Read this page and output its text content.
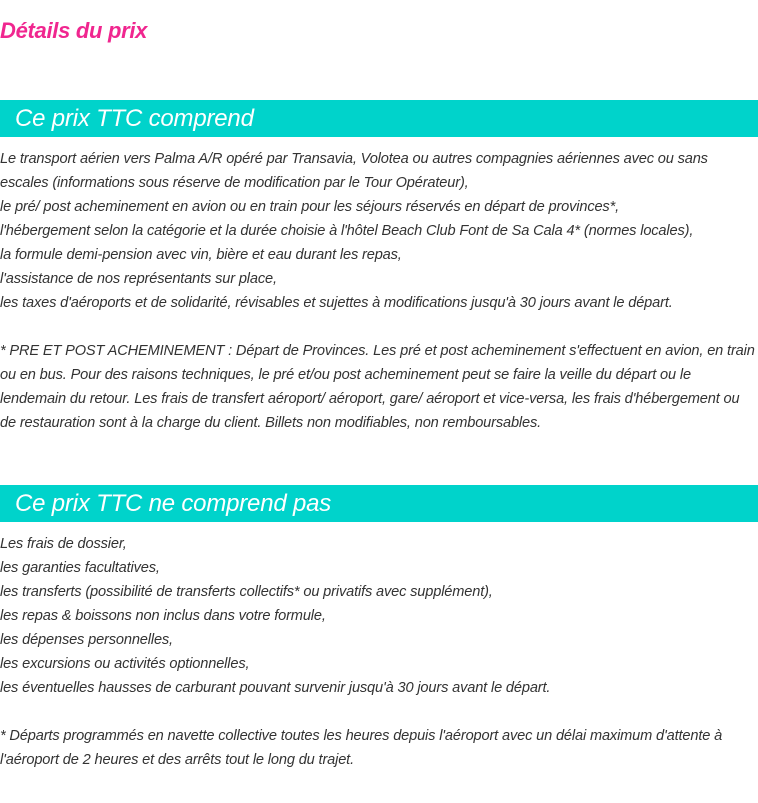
Détails du prix
Ce prix TTC comprend

Le transport aérien vers Palma A/R opéré par Transavia, Volotea ou autres compagnies aériennes avec ou sans escales (informations sous réserve de modification par le Tour Opérateur),

le pré/ post acheminement en avion ou en train pour les séjours réservés en départ de provinces*,

l'hébergement selon la catégorie et la durée choisie à l'hôtel Beach Club Font de Sa Cala 4* (normes locales),

la formule demi-pension avec vin, bière et eau durant les repas,

l'assistance de nos représentants sur place,

les taxes d'aéroports et de solidarité, révisables et sujettes à modifications jusqu'à 30 jours avant le départ.

* PRE ET POST ACHEMINEMENT : Départ de Provinces. Les pré et post acheminement s'effectuent en avion, en train ou en bus. Pour des raisons techniques, le pré et/ou post acheminement peut se faire la veille du départ ou le lendemain du retour. Les frais de transfert aéroport/ aéroport, gare/ aéroport et vice-versa, les frais d'hébergement ou de restauration sont à la charge du client. Billets non modifiables, non remboursables.

Ce prix TTC ne comprend pas

Les frais de dossier,

les garanties facultatives,

les transferts (possibilité de transferts collectifs* ou privatifs avec supplément),

les repas & boissons non inclus dans votre formule,

les dépenses personnelles,

les excursions ou activités optionnelles,

les éventuelles hausses de carburant pouvant survenir jusqu'à 30 jours avant le départ.

* Départs programmés en navette collective toutes les heures depuis l'aéroport avec un délai maximum d'attente à l'aéroport de 2 heures et des arrêts tout le long du trajet.
